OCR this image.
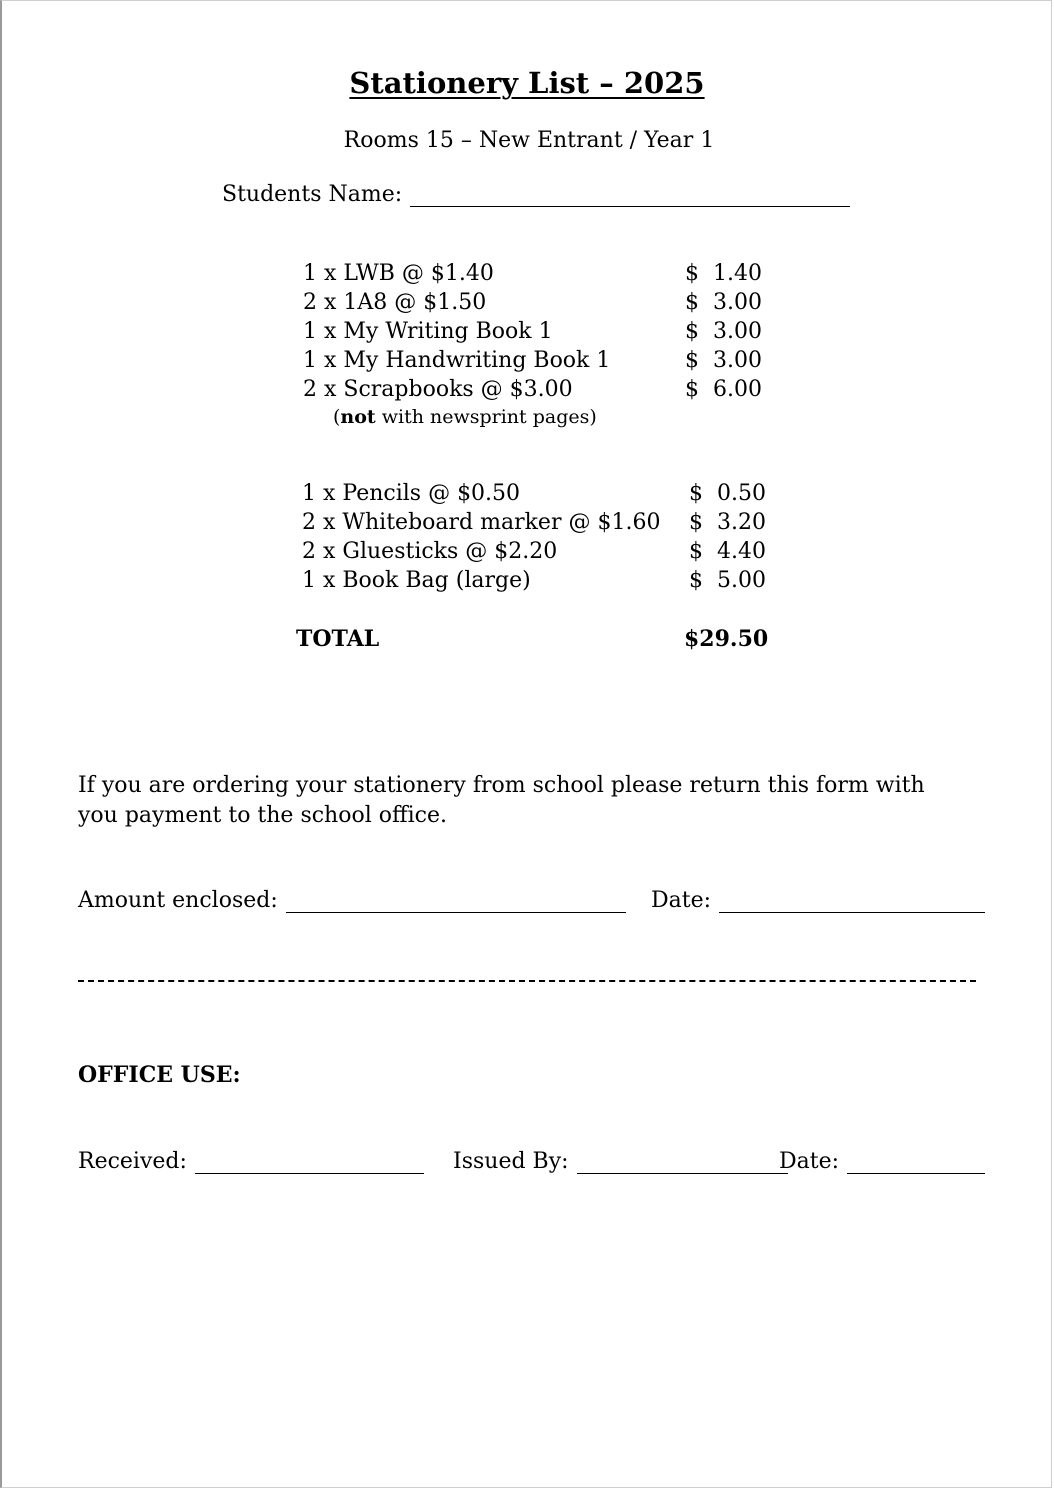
Stationery List – 2025
Rooms 15 – New Entrant / Year 1
Students Name:
1 x LWB @ $1.40	$  1.40
2 x 1A8 @ $1.50	$  3.00
1 x My Writing Book 1	$  3.00
1 x My Handwriting Book 1	$  3.00
2 x Scrapbooks @ $3.00	$  6.00
(not with newsprint pages)
1 x Pencils @ $0.50	$  0.50
2 x Whiteboard marker @ $1.60 $  3.20
2 x Gluesticks @ $2.20	$  4.40
1 x Book Bag (large)	$  5.00
TOTAL	$29.50
If you are ordering your stationery from school please return this form with you payment to the school office.
Amount enclosed:	Date:
OFFICE USE:
Received:	Issued By:	Date:
